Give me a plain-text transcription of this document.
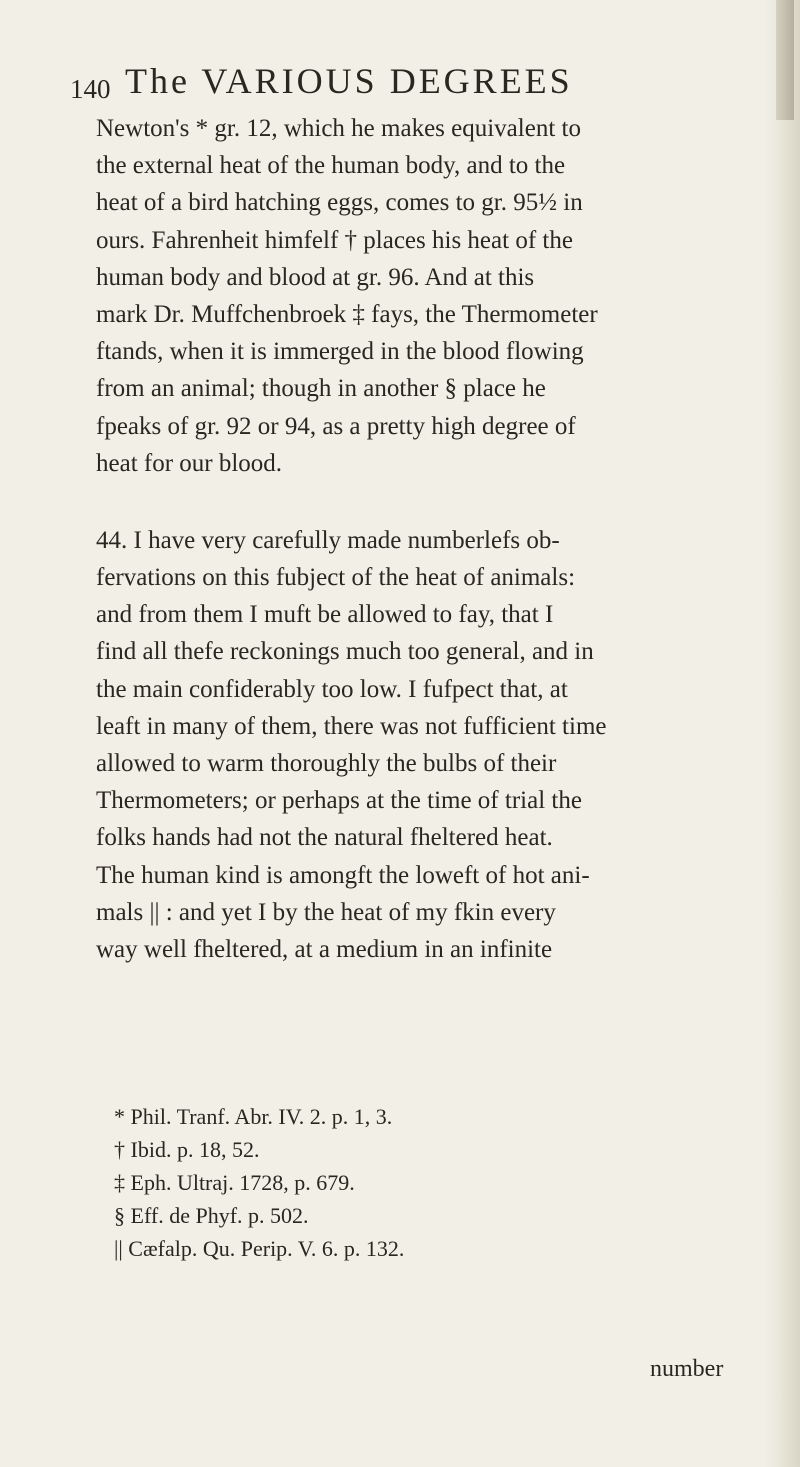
140 The VARIOUS DEGREES
Newton's * gr. 12, which he makes equivalent to
the external heat of the human body, and to the
heat of a bird hatching eggs, comes to gr. 95½ in
ours. Fahrenheit himfelf † places his heat of the
human body and blood at gr. 96. And at this
mark Dr. Muffchenbroek ‡ fays, the Thermometer
ftands, when it is immerged in the blood flowing
from an animal; though in another § place he
fpeaks of gr. 92 or 94, as a pretty high degree of
heat for our blood.
44. I have very carefully made numberlefs ob-
fervations on this fubject of the heat of animals:
and from them I muft be allowed to fay, that I
find all thefe reckonings much too general, and in
the main confiderably too low. I fufpect that, at
leaft in many of them, there was not fufficient time
allowed to warm thoroughly the bulbs of their
Thermometers; or perhaps at the time of trial the
folks hands had not the natural fheltered heat.
The human kind is amongft the loweft of hot ani-
mals || : and yet I by the heat of my fkin every
way well fheltered, at a medium in an infinite
* Phil. Tranf. Abr. IV. 2. p. 1, 3.
† Ibid. p. 18, 52.
‡ Eph. Ultraj. 1728, p. 679.
§ Eff. de Phyf. p. 502.
|| Cæfalp. Qu. Perip. V. 6. p. 132.
number
